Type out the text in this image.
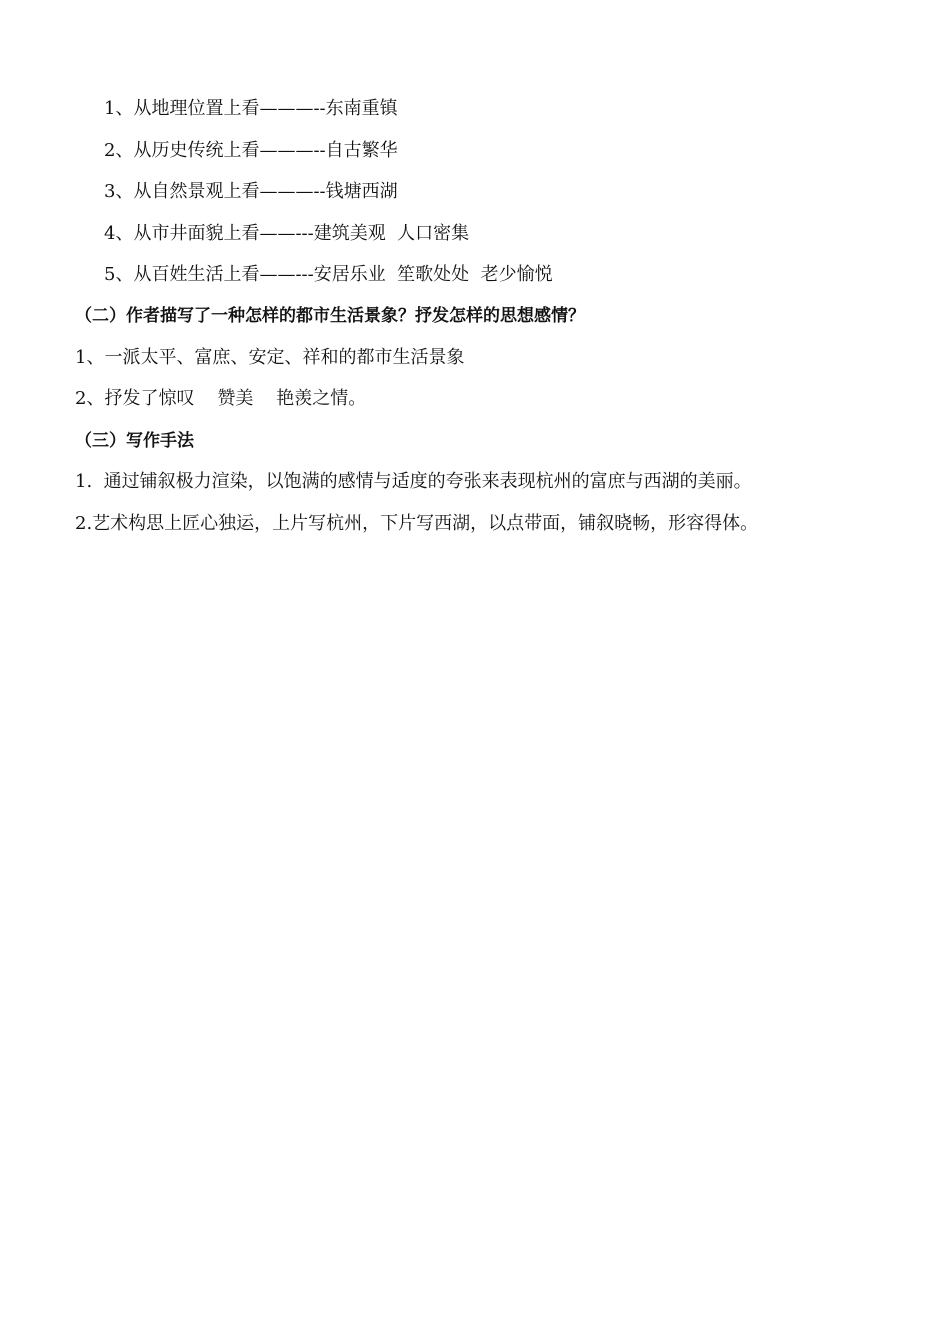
1、从地理位置上看———--东南重镇
2、从历史传统上看———--自古繁华
3、从自然景观上看———--钱塘西湖
4、从市井面貌上看——---建筑美观  人口密集
5、从百姓生活上看——---安居乐业  笙歌处处  老少愉悦
（二）作者描写了一种怎样的都市生活景象？抒发怎样的思想感情？
1、一派太平、富庶、安定、祥和的都市生活景象
2、抒发了惊叹    赞美    艳羡之情。
（三）写作手法
1.  通过铺叙极力渲染，以饱满的感情与适度的夸张来表现杭州的富庶与西湖的美丽。
2.艺术构思上匠心独运，上片写杭州，下片写西湖，以点带面，铺叙晓畅，形容得体。
